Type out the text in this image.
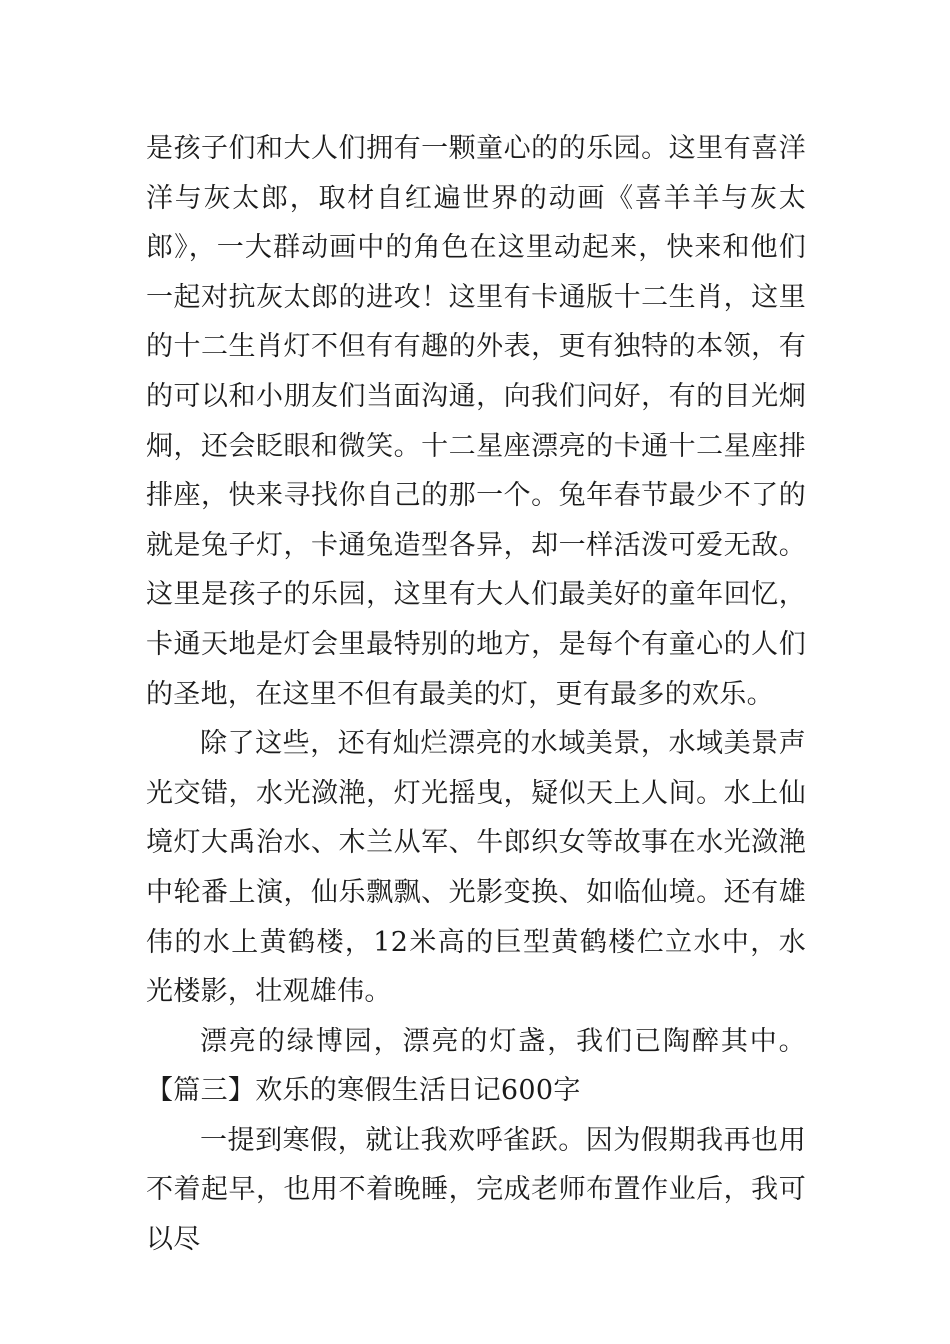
是孩子们和大人们拥有一颗童心的的乐园。这里有喜洋洋与灰太郎，取材自红遍世界的动画《喜羊羊与灰太郎》，一大群动画中的角色在这里动起来，快来和他们一起对抗灰太郎的进攻！这里有卡通版十二生肖，这里的十二生肖灯不但有有趣的外表，更有独特的本领，有的可以和小朋友们当面沟通，向我们问好，有的目光炯炯，还会眨眼和微笑。十二星座漂亮的卡通十二星座排排座，快来寻找你自己的那一个。兔年春节最少不了的就是兔子灯，卡通兔造型各异，却一样活泼可爱无敌。这里是孩子的乐园，这里有大人们最美好的童年回忆，卡通天地是灯会里最特别的地方，是每个有童心的人们的圣地，在这里不但有最美的灯，更有最多的欢乐。

除了这些，还有灿烂漂亮的水域美景，水域美景声光交错，水光潋滟，灯光摇曳，疑似天上人间。水上仙境灯大禹治水、木兰从军、牛郎织女等故事在水光潋滟中轮番上演，仙乐飘飘、光影变换、如临仙境。还有雄伟的水上黄鹤楼，12米高的巨型黄鹤楼伫立水中，水光楼影，壮观雄伟。

漂亮的绿博园，漂亮的灯盏，我们已陶醉其中。【篇三】欢乐的寒假生活日记600字

一提到寒假，就让我欢呼雀跃。因为假期我再也用不着起早，也用不着晚睡，完成老师布置作业后，我可以尽
